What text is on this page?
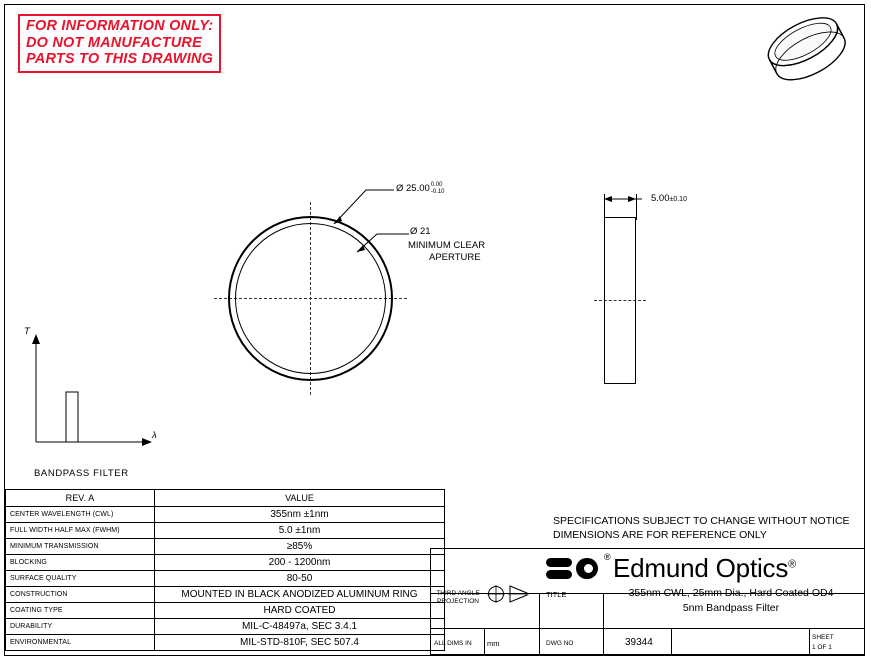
FOR INFORMATION ONLY:
DO NOT MANUFACTURE
PARTS TO THIS DRAWING
Ø 25.00 0.00
-0.10
Ø 21
MINIMUM CLEAR
APERTURE
5.00±0.10
T
λ
BANDPASS FILTER
REV. A	VALUE
CENTER WAVELENGTH (CWL)	355nm ±1nm
FULL WIDTH HALF MAX (FWHM)	5.0 ±1nm
MINIMUM TRANSMISSION	≥85%
BLOCKING	200 - 1200nm
SURFACE QUALITY	80-50
CONSTRUCTION	MOUNTED IN BLACK ANODIZED ALUMINUM RING
COATING TYPE	HARD COATED
DURABILITY	MIL-C-48497a, SEC 3.4.1
ENVIRONMENTAL	MIL-STD-810F, SEC 507.4
SPECIFICATIONS SUBJECT TO CHANGE WITHOUT NOTICE
DIMENSIONS ARE FOR REFERENCE ONLY
® Edmund Optics®
THIRD ANGLE
PROJECTION
TITLE	355nm CWL, 25mm Dia., Hard Coated OD4
5nm Bandpass Filter
ALL DIMS IN mm	DWG NO	39344	SHEET
1 OF 1
